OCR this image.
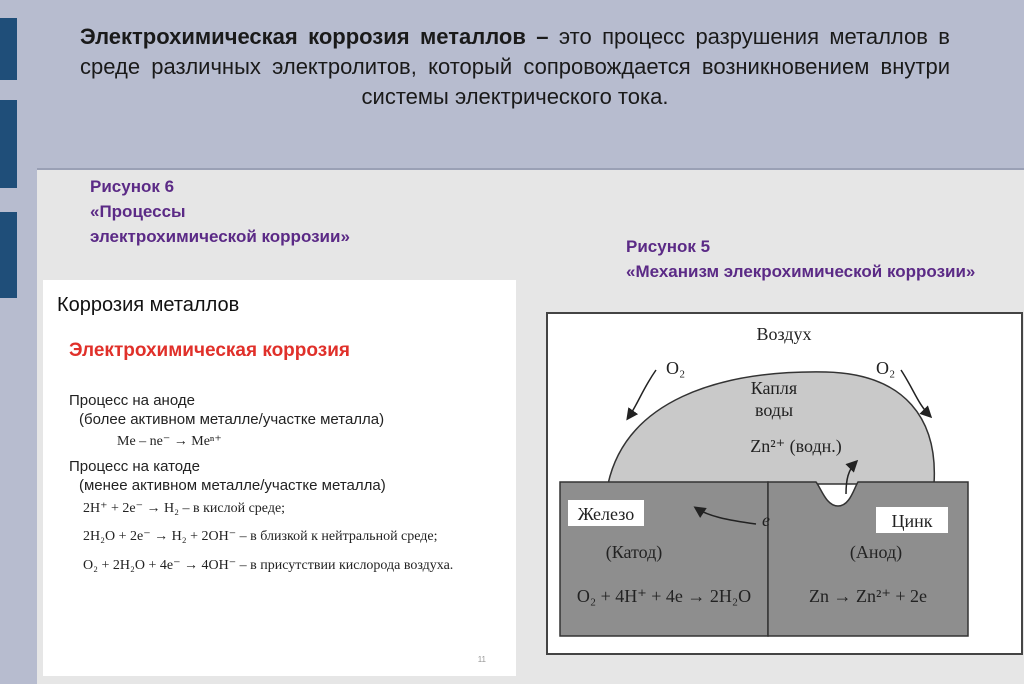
Электрохимическая коррозия металлов – это процесс разрушения металлов в среде различных электролитов, который сопровождается возникновением внутри системы электрического тока.
Рисунок 6
«Процессы электрохимической коррозии»
Рисунок 5
«Механизм элекрохимической коррозии»
Коррозия металлов
Электрохимическая коррозия
Процесс на аноде
(более активном металле/участке металла)
Me – ne⁻ → Meⁿ⁺
Процесс на катоде
(менее активном металле/участке металла)
2H⁺ + 2e⁻ → H₂ – в кислой среде;
2H₂O + 2e⁻ → H₂ + 2OH⁻ – в близкой к нейтральной среде;
O₂ + 2H₂O + 4e⁻ → 4OH⁻ – в присутствии кислорода воздуха.
11
Воздух
O₂	O₂
Капля
воды
Zn²⁺ (водн.)
e
Железо
(Катод)
Цинк
(Анод)
O₂ + 4H⁺ + 4e → 2H₂O	Zn → Zn²⁺ + 2e
